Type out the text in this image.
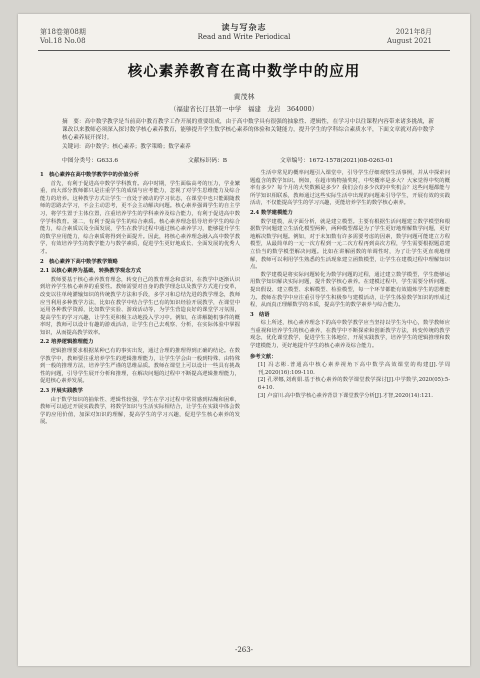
第18卷第08期
Vol.18 No.08
读与写杂志
Read and Write Periodical
2021年8月
August 2021
核心素养教育在高中数学中的应用
黄茂林
（福建省长汀县第一中学　福建　龙岩　364000）
摘　要：高中数学教学是当前高中教育教学工作开展的重要组成，由于高中数学具有很强的抽象性、逻辑性，在学习中以往课程内容带来诸多挑战，新课改以来教师必须深入探讨数学核心素养教育，能够提升学生数学核心素养的体验和关键能力，提升学生的学科综合素质水平，下面文章就对高中数学核心素养展开探讨。
关键词：高中数学；核心素养；教学策略；数学素养
中图分类号：G633.6	文献标识码：B	文章编号：1672-1578(2021)08-0263-01

1　核心素养在高中数学教学中的价值分析

首先，有利于促进高中数学学科教育。高中时期，学生面临高考的压力，学业繁重，而大部分教师都只是注重学生的成绩与应考能力，忽视了对学生思维能力及综合能力的培养。这种教学方式让学生一直处于被动的学习状态，在课堂中也只能跟随教师的思路去学习，不会主动思考，更不会主动解决问题。核心素养强调学生的自主学习，将学生置于主体位置，注重培养学生的学科素养及综合能力，有利于促进高中数学学科教育。第二，有利于提高学生的综合素质。核心素养理念倡导培养学生的综合能力，综合素质以及全面发展，学生在教学过程中通过核心素养学习，能够提升学生的数学应用能力，综合素质将得到全面提升。因此，将核心素养理念融入高中数学教学，有效培养学生的数学能力与数学素质，促进学生更好地成长、全面发展的优秀人才。

2　核心素养下高中数学教学策略

2.1 以核心素养为基础，转换教学观念方式

教师要基于核心素养教育理念，转变自己的教育理念和意识，在教学中逐渐认识到培养学生核心素养的重要性。教师需要对自身的教学理念以及教学方式进行变革，改变以往单纯灌输知识的传统教学方法和手段，多学习和总结先进的教学理念，教师应当利用多种教学方法，比如在教学中结合学生已有的知识经验开展教学，在课堂中运用各种教学资源，比如数学实验、游戏活动等，为学生营造良好的课堂学习氛围，提高学生的学习兴趣，让学生更积极主动地投入学习中。例如，在讲解随机事件的概率时，教师可以设计有趣的游戏活动，让学生自己去观察、分析，在实际体验中掌握知识，从而提高教学效率。

2.2 培养逻辑推理能力

逻辑推理要求根据某种已有的事实出发，通过合理的推理得到正确的结论。在数学教学中，教师要注重培养学生的逻辑推理能力，让学生学会由一般到特殊、由特殊到一般的推理方法，培养学生严谨的思维品质。教师在课堂上可以设计一些具有挑战性的问题，引导学生展开分析和推理，在解决问题的过程中不断提高逻辑推理能力，促进核心素养发展。

2.3 开展实践教学

由于数学知识的抽象性、逻辑性较强，学生在学习过程中常常感到枯燥和困难，教师可以通过开展实践教学，将数学知识与生活实际相结合，让学生在实践中体会数学的应用价值，加深对知识的理解，提高学生的学习兴趣，促进学生核心素养的发展。

生活中常见的概率问题引入课堂中，引导学生仔细观察生活事例，并从中探索问题蕴含的数学知识。例如，在超市购物抽奖时，中奖概率是多大？大家觉得中奖的概率有多少？每个月的大奖数额是多少？我们会有多少次的中奖机会？这些问题都能与所学知识相联系，教师通过这些实际生活中出现的问题来引导学生，开展有效的实践活动，不仅能提高学生的学习兴趣，更能培养学生的数学核心素养。

2.4 数学建模能力

数学建模，从字面分析，就是建立模型。主要有根据生活问题建立数学模型和根据数学问题建立生活化模型两种，两种模型都是为了学生更好地理解数学问题，更好地解决数学问题。例如，对于未知数有许多需要考虑的因素，数学问题可能建立方程模型，从最简单的一元一次方程到一元二次方程再到高次方程，学生需要根据题意建立恰当的数学模型解决问题。比如在讲解函数的单调性时，为了让学生更直观地理解，教师可以利用学生熟悉的生活现象建立函数模型，让学生在建模过程中理解知识点。

数学建模是将实际问题转化为数学问题的过程，通过建立数学模型，学生能够运用数学知识解决实际问题，提升数学核心素养。在建模过程中，学生需要分析问题、提出假设、建立模型、求解模型、检验模型，每一个环节都能有效锻炼学生的思维能力。教师在教学中应注重引导学生积极参与建模活动，让学生体验数学知识的形成过程，从而真正理解数学的本质，提高学生的数学素养与综合能力。

3　结语

综上所述，核心素养理念下的高中数学教学应当坚持以学生为中心，数学教师应当重视和培养学生的核心素养，在教学中不断探索和创新教学方法，转变传统的教学观念，优化课堂教学，促进学生主体地位，开展实践教学，培养学生的逻辑推理和数学建模能力，更好地提升学生的核心素养及综合能力。

参考文献：

[1] 冯志彬.普通高中核心素养视角下高中数学高效课堂的构建[J].学周刊,2020(16):109-110.

[2] 孔翠娜,刘莉娟.基于核心素养的数学课堂教学探讨[J].中学数学,2020(05):5-6+10.

[3] 卢富川.高中数学核心素养背景下课堂教学分析[J].才智,2020(14):121.

-263-
